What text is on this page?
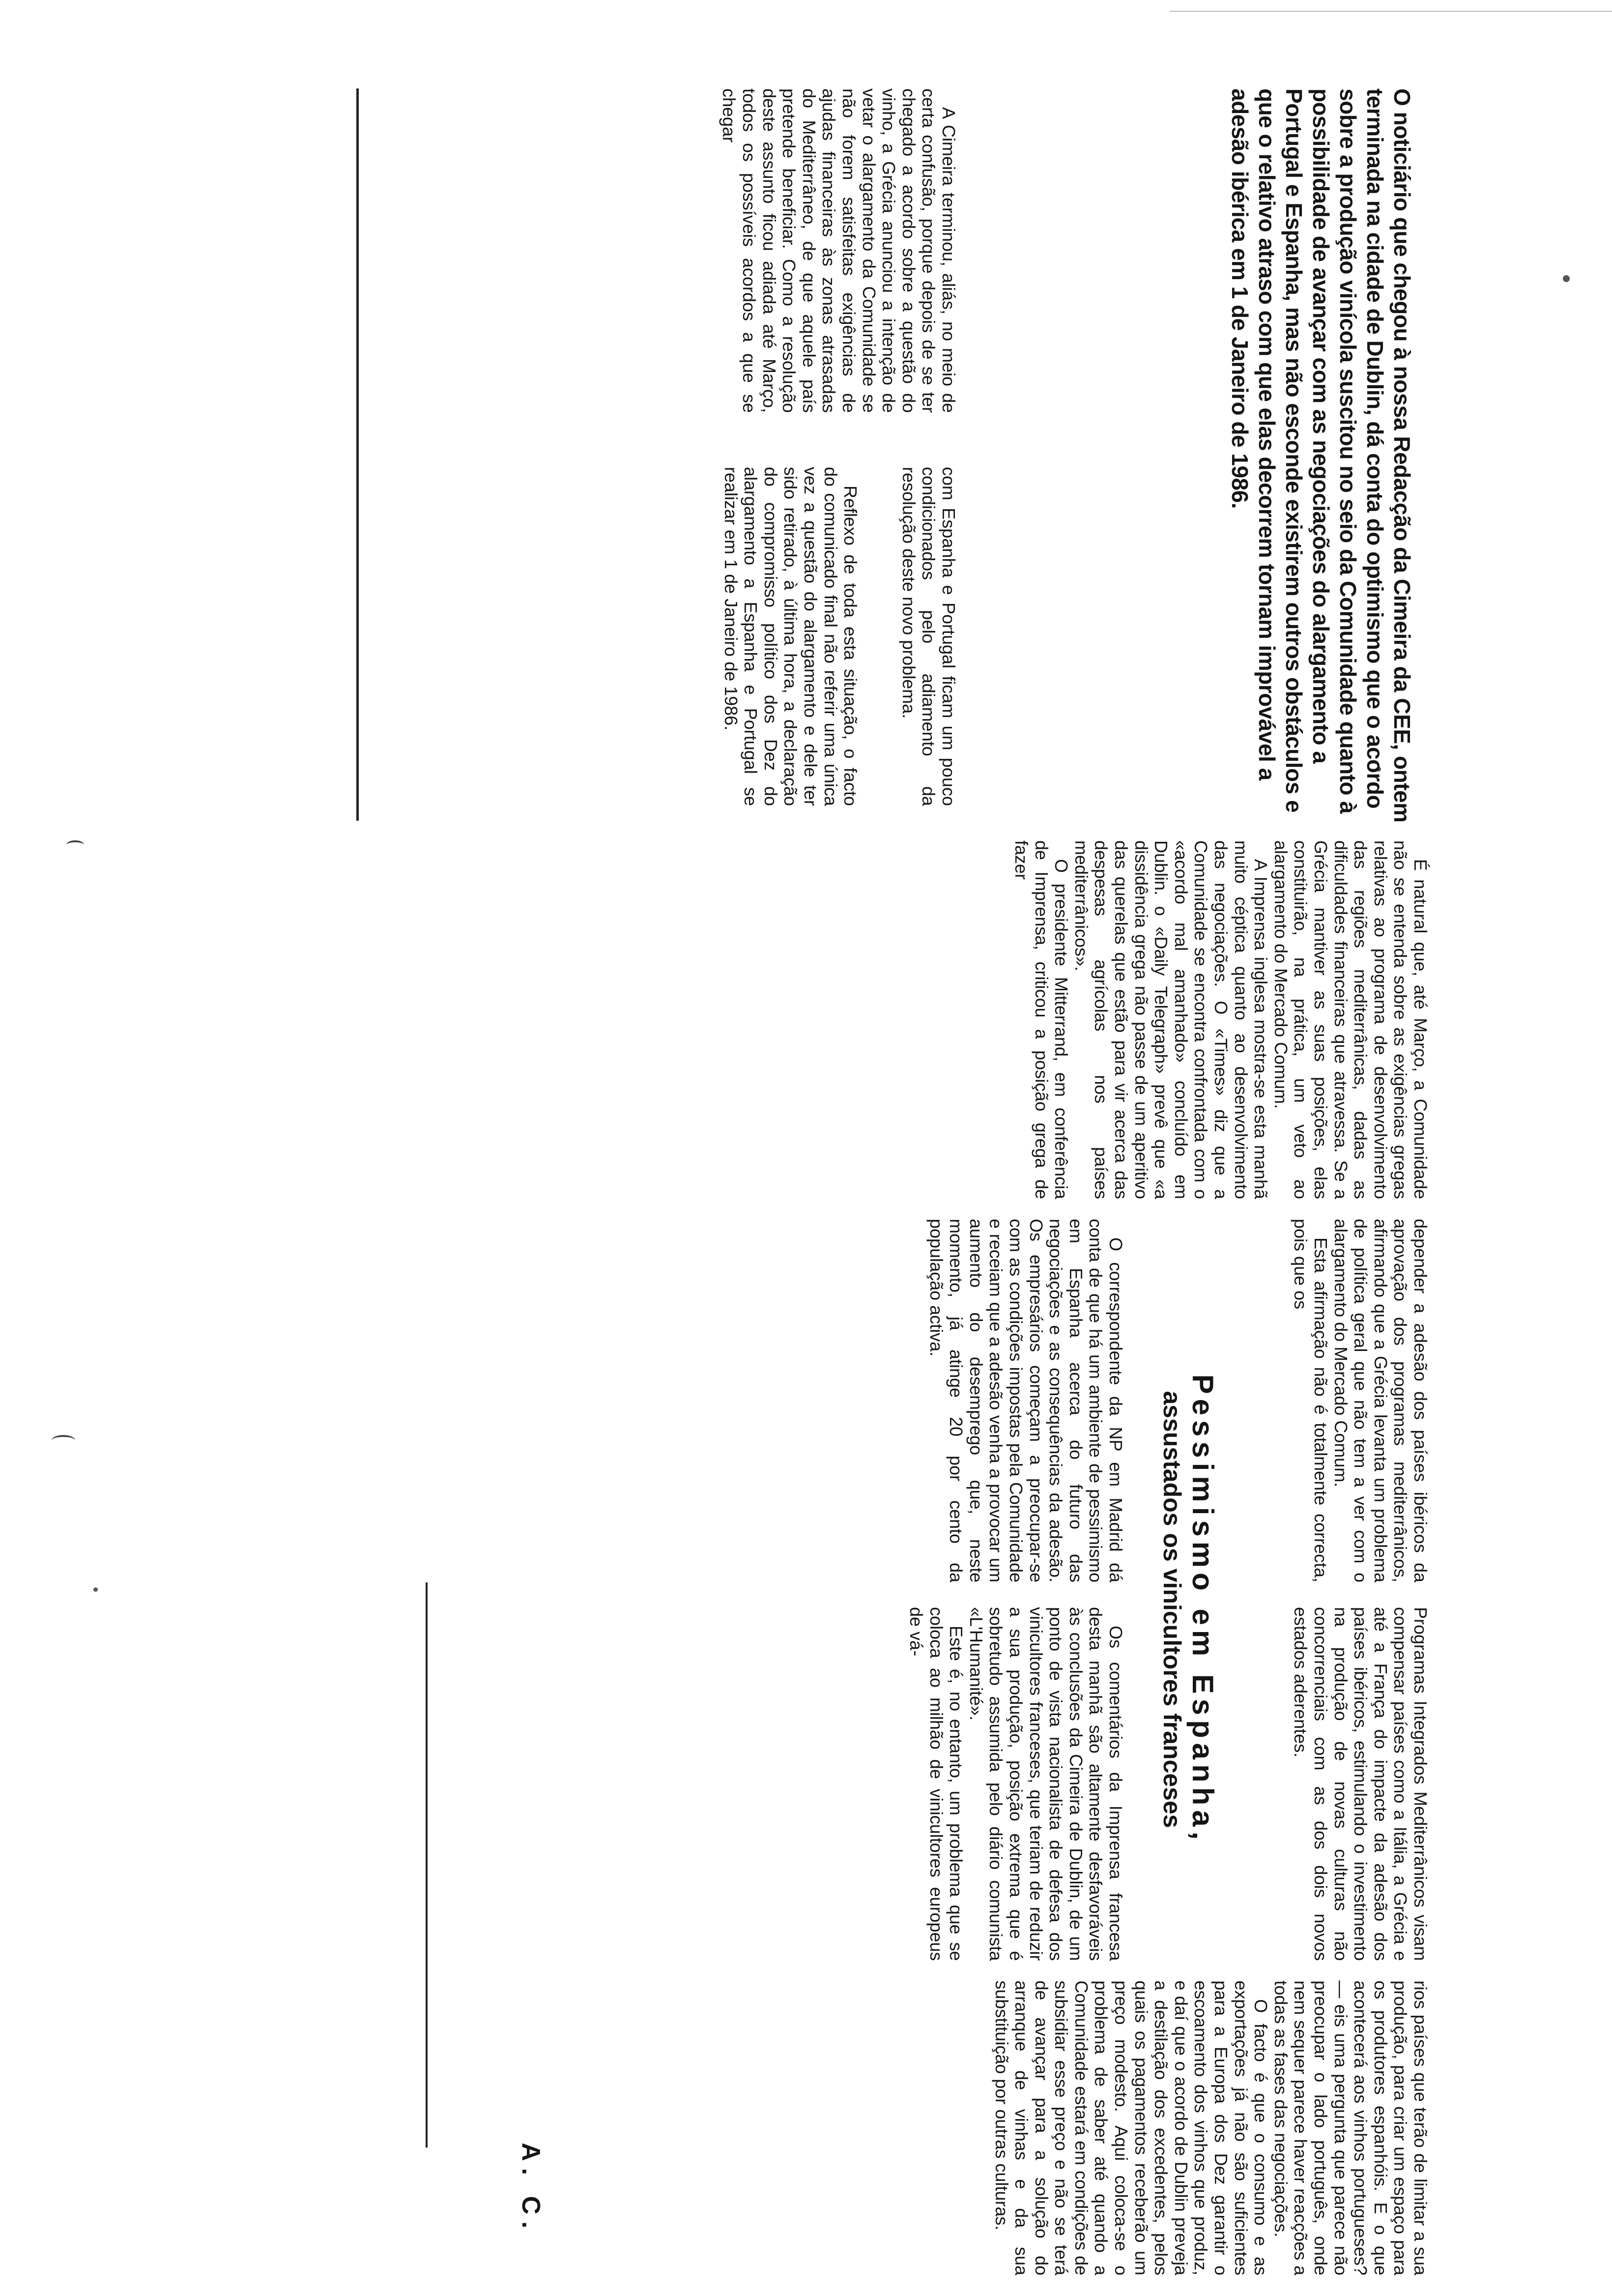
O noticiário que chegou à nossa Redacção da Cimeira da CEE, ontem terminada na cidade de Dublin, dá conta do optimismo que o acordo sobre a produção vinícola suscitou no seio da Comunidade quanto à possibilidade de avançar com as negociações do alargamento a Portugal e Espanha, mas não esconde existirem outros obstáculos e que o relativo atraso com que elas decorrem tornam improvável a adesão ibérica em 1 de Janeiro de 1986.

A Cimeira terminou, aliás, no meio de certa confusão, porque depois de se ter chegado a acordo sobre a questão do vinho, a Grécia anunciou a intenção de vetar o alargamento da Comunidade se não forem satisfeitas exigências de ajudas financeiras às zonas atrasadas do Mediterrâneo, de que aquele país pretende beneficiar. Como a resolução deste assunto ficou adiada até Março, todos os possíveis acordos a que se chegar

com Espanha e Portugal ficam um pouco condicionados pelo adiamento da resolução deste novo problema.

Reflexo de toda esta situação, o facto do comunicado final não referir uma única vez a questão do alargamento e dele ter sido retirado, à última hora, a declaração do compromisso político dos Dez do alargamento a Espanha e Portugal se realizar em 1 de Janeiro de 1986.

É natural que, até Março, a Comunidade não se entenda sobre as exigências gregas relativas ao programa de desenvolvimento das regiões mediterrânicas, dadas as dificuldades financeiras que atravessa. Se a Grécia mantiver as suas posições, elas constituirão, na prática, um veto ao alargamento do Mercado Comum.

A Imprensa inglesa mostra-se esta manhã muito céptica quanto ao desenvolvimento das negociações. O «Times» diz que a Comunidade se encontra confrontada com o «acordo mal amanhado» concluído em Dublin. o «Daily Telegraph» prevê que «a dissidência grega não passe de um aperitivo das querelas que estão para vir acerca das despesas agrícolas nos países mediterrânicos».

O presidente Mitterrand, em conferência de Imprensa, criticou a posição grega de fazer

depender a adesão dos países ibéricos da aprovação dos programas mediterrânicos, afirmando que a Grécia levanta um problema de política geral que não tem a ver com o alargamento do Mercado Comum.

Esta afirmação não é totalmente correcta, pois que os

Programas Integrados Mediterrânicos visam compensar países como a Itália, a Grécia e até a França do impacte da adesão dos países ibéricos, estimulando o investimento na produção de novas culturas não concorrenciais com as dos dois novos estados aderentes.

Pessimismo em Espanha,
assustados os vinicultores franceses

O correspondente da NP em Madrid dá conta de que há um ambiente de pessimismo em Espanha acerca do futuro das negociações e as consequências da adesão. Os empresários começam a preocupar-se com as condições impostas pela Comunidade e receiam que a adesão venha a provocar um aumento do desemprego que, neste momento, já atinge 20 por cento da população activa.

Os comentários da Imprensa francesa desta manhã são altamente desfavoráveis às conclusões da Cimeira de Dublin, de um ponto de vista nacionalista de defesa dos vinicultores franceses, que teriam de reduzir a sua produção, posição extrema que é sobretudo assumida pelo diário comunista «L'Humanité».

Este é, no entanto, um problema que se coloca ao milhão de vinicultores europeus de vá-

rios países que terão de limitar a sua produção, para criar um espaço para os produtores espanhóis. E o que acontecerá aos vinhos portugueses? — eis uma pergunta que parece não preocupar o lado português, onde nem sequer parece haver reacções a todas as fases das negociações.

O facto é que o consumo e as exportações já não são suficientes para a Europa dos Dez garantir o escoamento dos vinhos que produz, e daí que o acordo de Dublin preveja a destilação dos excedentes, pelos quais os pagamentos receberão um preço modesto. Aqui coloca-se o problema de saber até quando a Comunidade estará em condições de subsidiar esse preço e não se terá de avançar para a solução do arranque de vinhas e da sua substituição por outras culturas.

A. C.
